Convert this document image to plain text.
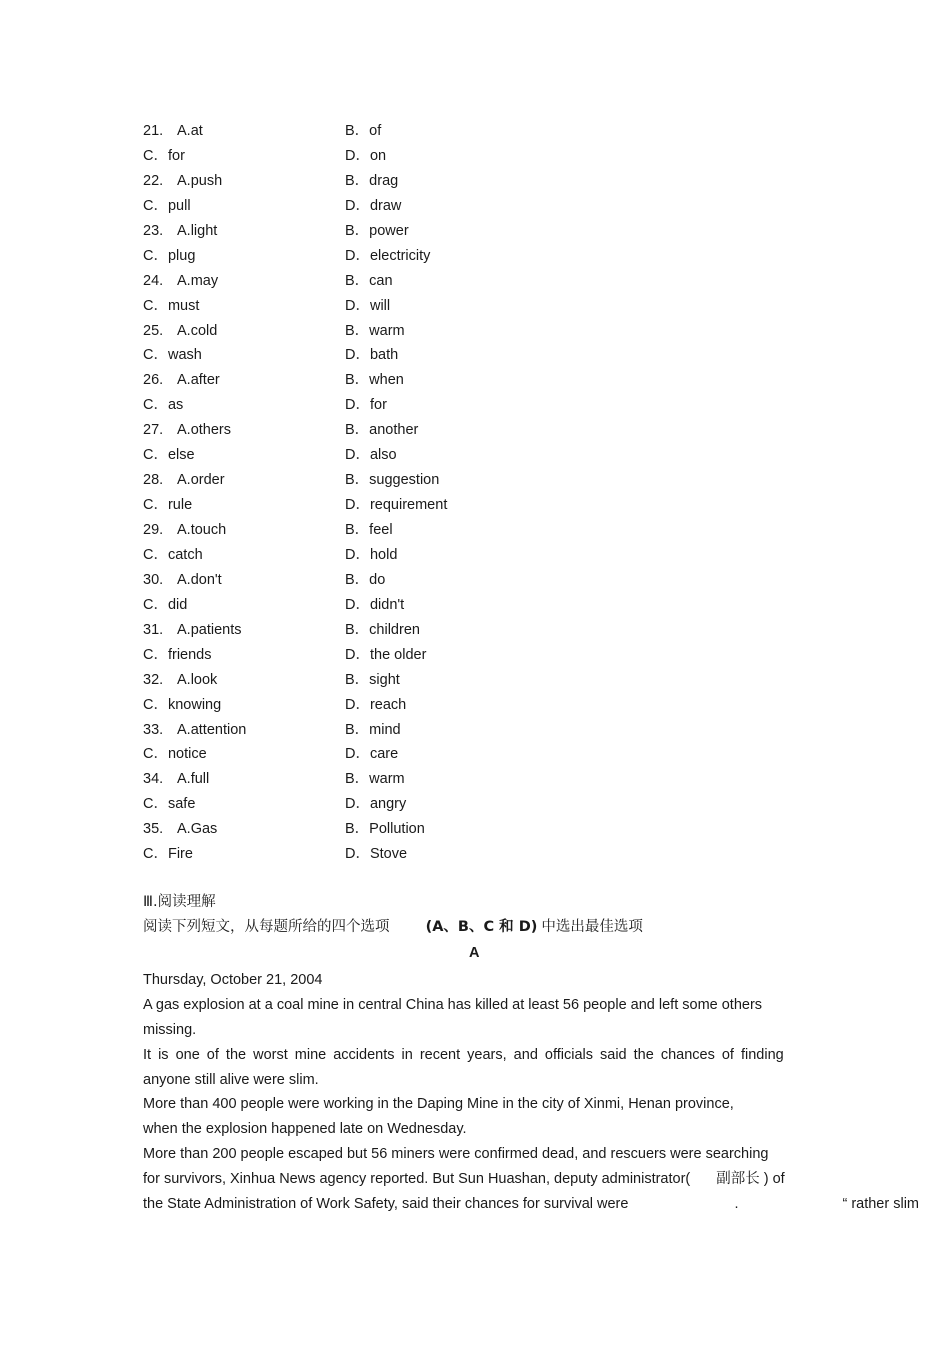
21. A.at	B．of
C．for	D．on
22. A.push	B．drag
C．pull	D．draw
23. A.light	B．power
C．plug	D．electricity
24. A.may	B．can
C．must	D．will
25. A.cold	B．warm
C．wash	D．bath
26. A.after	B．when
C．as	D．for
27. A.others	B．another
C．else	D．also
28. A.order	B．suggestion
C．rule	D．requirement
29. A.touch	B．feel
C．catch	D．hold
30. A.don't	B．do
C．did	D．didn't
31. A.patients	B．children
C．friends	D．the older
32. A.look	B．sight
C．knowing	D．reach
33. A.attention	B．mind
C．notice	D．care
34. A.full	B．warm
C．safe	D．angry
35. A.Gas	B．Pollution
C．Fire	D．Stove
Ⅲ.阅读理解
阅读下列短文，从每题所给的四个选项 (A、B、C 和 D) 中选出最佳选项
A
Thursday, October 21, 2004
A gas explosion at a coal mine in central China has killed at least 56 people and left some others
missing.
It is one of the worst mine accidents in recent years, and officials said the chances of finding
anyone still alive were slim.
More than 400 people were working in the Daping Mine in the city of Xinmi, Henan province,
when the explosion happened late on Wednesday.
More than 200 people escaped but 56 miners were confirmed dead, and rescuers were searching
for survivors, Xinhua News agency reported. But Sun Huashan, deputy administrator( 副部长 ) of
the State Administration of Work Safety, said their chances for survival were	.	“ rather slim
